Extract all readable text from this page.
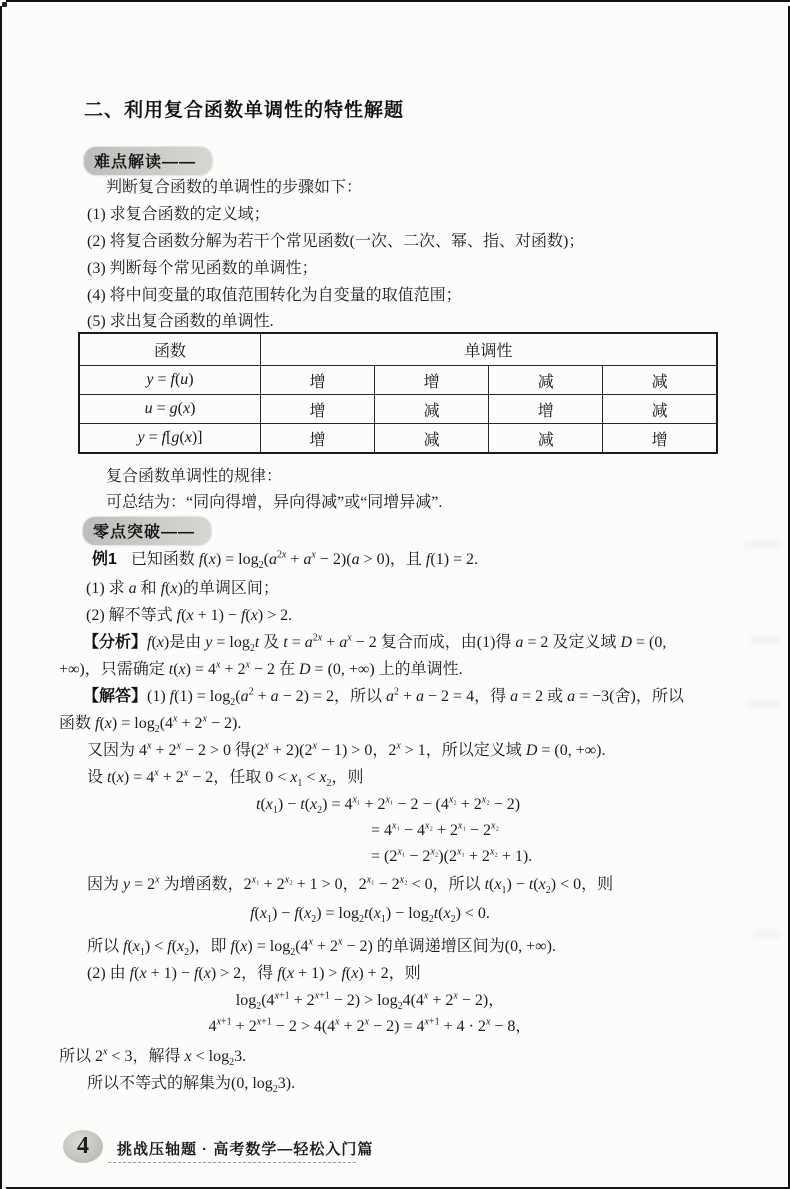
二、利用复合函数单调性的特性解题
难点解读——
判断复合函数的单调性的步骤如下：
(1) 求复合函数的定义域；
(2) 将复合函数分解为若干个常见函数(一次、二次、幂、指、对函数)；
(3) 判断每个常见函数的单调性；
(4) 将中间变量的取值范围转化为自变量的取值范围；
(5) 求出复合函数的单调性.
函数	单调性			
y = f(u)	增	增	减	减
u = g(x)	增	减	增	减
y = f[g(x)]	增	减	减	增
复合函数单调性的规律：
可总结为：“同向得增，异向得减”或“同增异减”.
零点突破——
例1 已知函数 $f(x) = \log_2(a^{2x} + a^x - 2)(a > 0)$，且 f(1) = 2.
(1) 求 a 和 f(x)的单调区间；
(2) 解不等式 f(x + 1) − f(x) > 2.
【分析】f(x)是由 $y = \log_2t$ 及 $t = a^{2x} + a^x - 2$ 复合而成，由(1)得 a = 2 及定义域 D = (0,
+∞)，只需确定 $t(x) = 4^x + 2^x - 2$ 在 D = (0, +∞) 上的单调性.
【解答】(1) $f(1) = \log_2(a^2 + a - 2) = 2$，所以 $a^2 + a - 2 = 4$，得 a = 2 或 a = −3(舍)，所以
函数 $f(x) = \log_2(4^x + 2^x - 2)$.
又因为 $4^x + 2^x - 2 > 0$ 得$(2^x + 2)(2^x - 1) > 0$，$2^x > 1$，所以定义域 D = (0, +∞).
设 $t(x) = 4^x + 2^x - 2$，任取 $0 < x_1 < x_2$，则
$t(x_1) - t(x_2) = 4^{x_1} + 2^{x_1} - 2 - (4^{x_2} + 2^{x_2} - 2)$
= $4^{x_1} - 4^{x_2} + 2^{x_1} - 2^{x_2}$
= $(2^{x_1} - 2^{x_2})(2^{x_1} + 2^{x_2} + 1)$.
因为 $y = 2^x$ 为增函数，$2^{x_1} + 2^{x_2} + 1 > 0$，$2^{x_1} - 2^{x_2} < 0$，所以 $t(x_1) - t(x_2) < 0$，则
$f(x_1) - f(x_2) = \log_2t(x_1) - \log_2t(x_2) < 0$.
所以 $f(x_1) < f(x_2)$，即 $f(x) = \log_2(4^x + 2^x - 2)$ 的单调递增区间为(0, +∞).
(2) 由 f(x + 1) − f(x) > 2，得 f(x + 1) > f(x) + 2，则
$\log_2(4^{x+1} + 2^{x+1} - 2) > \log_24(4^x + 2^x - 2)$，
$4^{x+1} + 2^{x+1} - 2 > 4(4^x + 2^x - 2) = 4^{x+1} + 4 \cdot 2^x - 8$，
所以 $2^x < 3$，解得 $x < \log_23$.
所以不等式的解集为(0, $\log_23$).
4	挑战压轴题 · 高考数学—轻松入门篇
